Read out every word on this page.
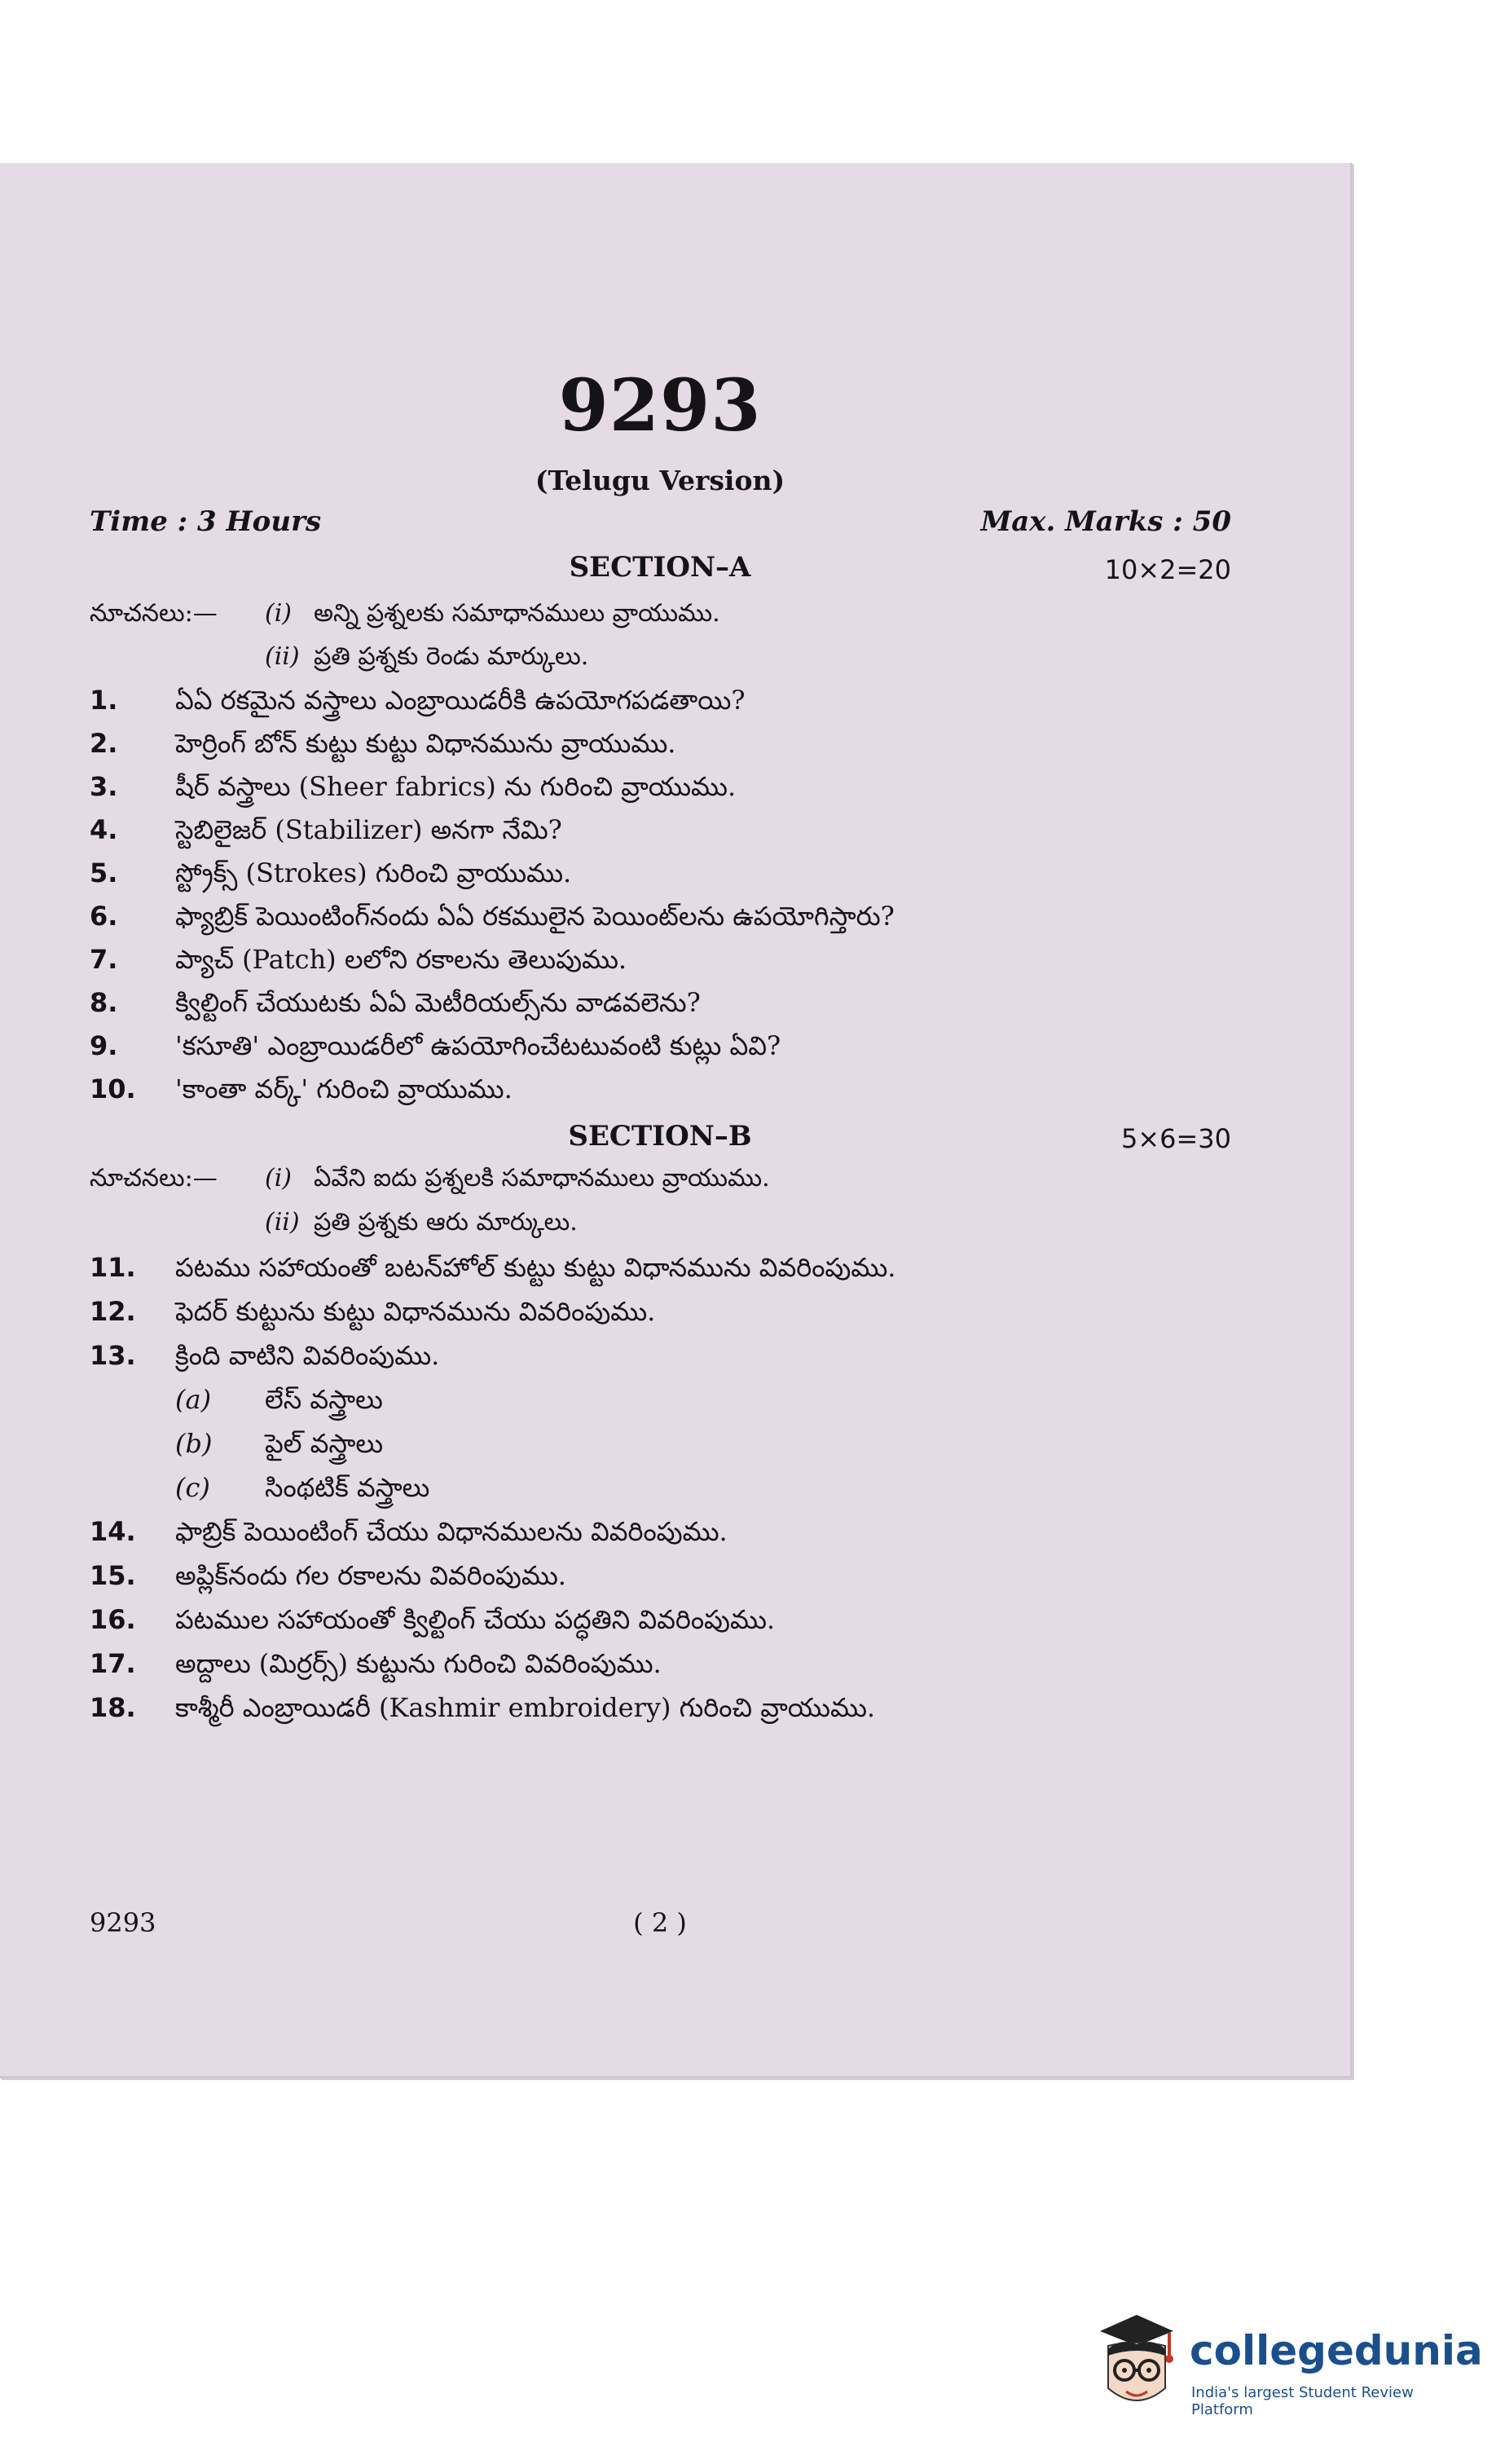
9293
(Telugu Version)
Time : 3 Hours	Max. Marks : 50
SECTION–A	10×2=20
నూచనలు:— (i) అన్ని ప్రశ్నలకు సమాధానములు వ్రాయుము.
(ii) ప్రతి ప్రశ్నకు రెండు మార్కులు.
1. ఏఏ రకమైన వస్త్రాలు ఎంబ్రాయిడరీకి ఉపయోగపడతాయి?
2. హెర్రింగ్ బోన్ కుట్టు కుట్టు విధానమును వ్రాయుము.
3. షీర్ వస్త్రాలు (Sheer fabrics) ను గురించి వ్రాయుము.
4. స్టెబిలైజర్ (Stabilizer) అనగా నేమి?
5. స్ట్రోక్స్ (Strokes) గురించి వ్రాయుము.
6. ఫ్యాబ్రిక్ పెయింటింగ్‌నందు ఏఏ రకములైన పెయింట్‌లను ఉపయోగిస్తారు?
7. ప్యాచ్ (Patch) లలోని రకాలను తెలుపుము.
8. క్విల్టింగ్ చేయుటకు ఏఏ మెటీరియల్స్‌ను వాడవలెను?
9. 'కసూతి' ఎంబ్రాయిడరీలో ఉపయోగించేటటువంటి కుట్లు ఏవి?
10. 'కాంతా వర్క్' గురించి వ్రాయుము.
SECTION–B	5×6=30
నూచనలు:— (i) ఏవేని ఐదు ప్రశ్నలకి సమాధానములు వ్రాయుము.
(ii) ప్రతి ప్రశ్నకు ఆరు మార్కులు.
11. పటము సహాయంతో బటన్‌హోల్ కుట్టు కుట్టు విధానమును వివరింపుము.
12. ఫెదర్ కుట్టును కుట్టు విధానమును వివరింపుము.
13. క్రింది వాటిని వివరింపుము.
(a) లేస్ వస్త్రాలు
(b) పైల్ వస్త్రాలు
(c) సింథటిక్ వస్త్రాలు
14. ఫాబ్రిక్ పెయింటింగ్ చేయు విధానములను వివరింపుము.
15. అప్లిక్‌నందు గల రకాలను వివరింపుము.
16. పటముల సహాయంతో క్విల్టింగ్ చేయు పద్ధతిని వివరింపుము.
17. అద్దాలు (మిర్రర్స్) కుట్టును గురించి వివరింపుము.
18. కాశ్మీరీ ఎంబ్రాయిడరీ (Kashmir embroidery) గురించి వ్రాయుము.
9293	( 2 )
collegedunia
India's largest Student Review Platform
